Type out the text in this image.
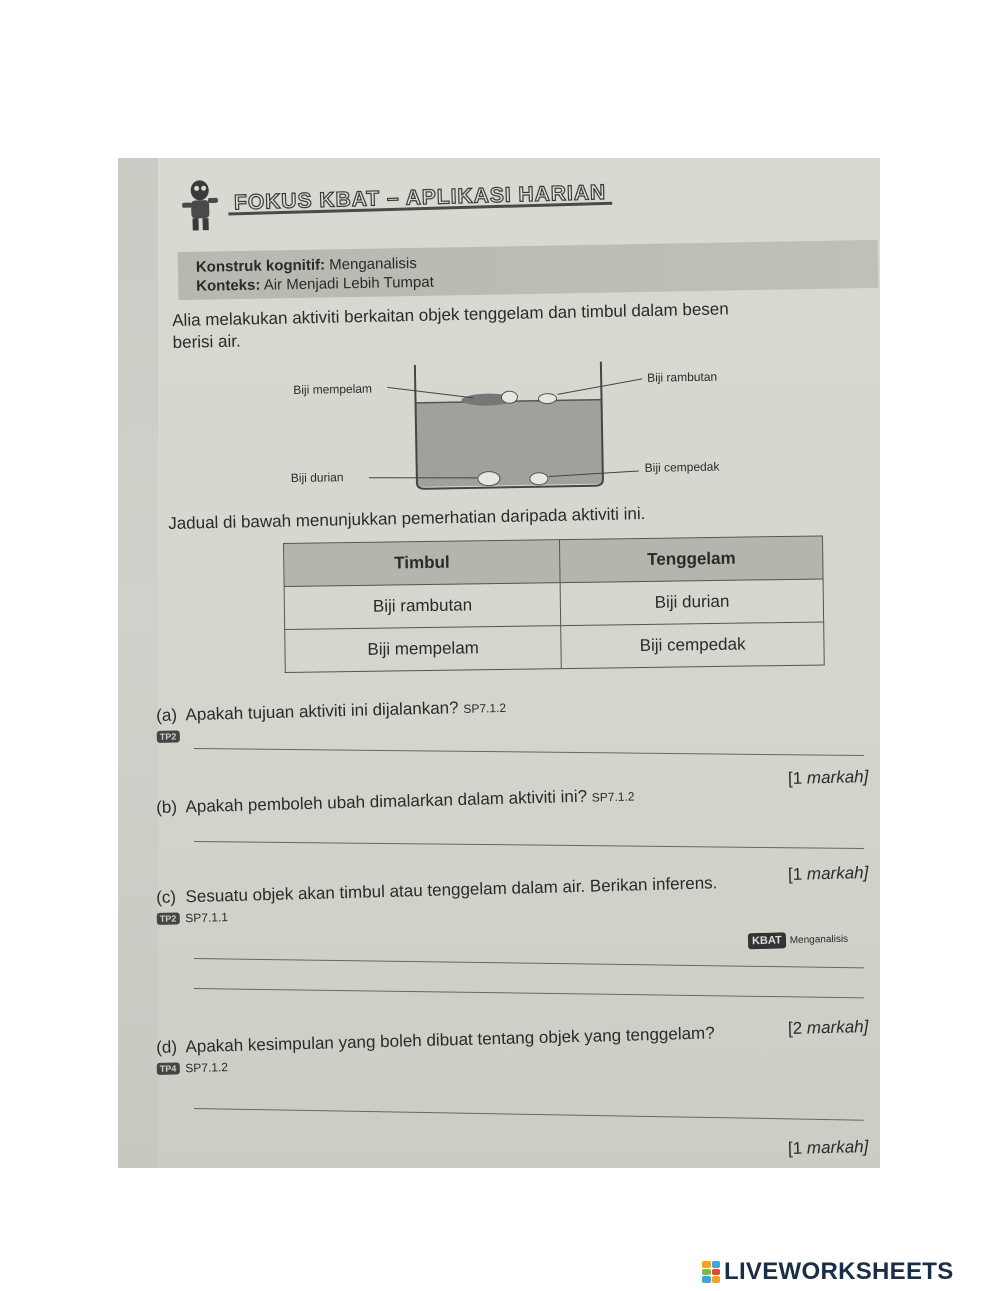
FOKUS KBAT – APLIKASI HARIAN
Konstruk kognitif: Menganalisis
Konteks: Air Menjadi Lebih Tumpat
Alia melakukan aktiviti berkaitan objek tenggelam dan timbul dalam besen
berisi air.
Biji mempelam
Biji rambutan
Biji durian
Biji cempedak
Jadual di bawah menunjukkan pemerhatian daripada aktiviti ini.
Timbul	Tenggelam
Biji rambutan	Biji durian
Biji mempelam	Biji cempedak
(a) Apakah tujuan aktiviti ini dijalankan? SP7.1.2
TP2
[1 markah]
(b) Apakah pemboleh ubah dimalarkan dalam aktiviti ini? SP7.1.2
[1 markah]
(c) Sesuatu objek akan timbul atau tenggelam dalam air. Berikan inferens.
TP2 SP7.1.1
KBAT Menganalisis
[2 markah]
(d) Apakah kesimpulan yang boleh dibuat tentang objek yang tenggelam?
TP4 SP7.1.2
[1 markah]
LIVEWORKSHEETS
